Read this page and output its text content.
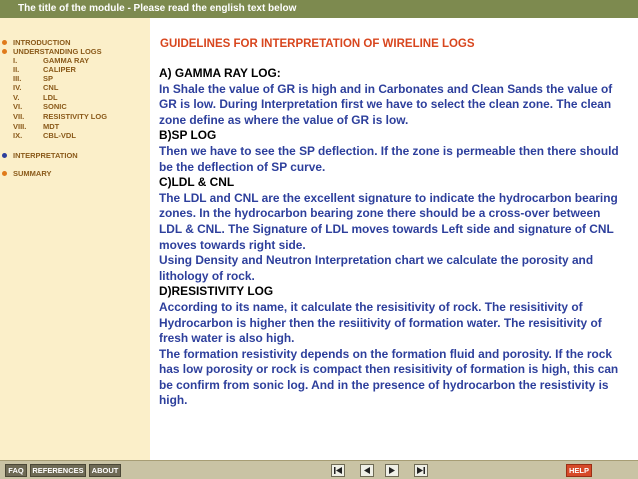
The title of the module - Please read the english text below
INTRODUCTION
UNDERSTANDING LOGS
I.	GAMMA RAY
II.	CALIPER
III.	SP
IV.	CNL
V.	LDL
VI.	SONIC
VII. RESISTIVITY LOG
VIII. MDT
IX.	CBL-VDL
INTERPRETATION
SUMMARY
GUIDELINES FOR INTERPRETATION OF WIRELINE LOGS

A) GAMMA RAY LOG:

In Shale the value of GR is high and in Carbonates and Clean Sands the value of GR is low. During Interpretation first we have to select the clean zone. The clean zone define as where the value of GR is low.

B)SP LOG

Then we have to see the SP deflection. If the zone is permeable then there should be the deflection of SP curve.

C)LDL & CNL

The LDL and CNL are the excellent signature to indicate the hydrocarbon bearing zones. In the hydrocarbon bearing zone there should be a cross-over between LDL & CNL. The Signature of LDL moves towards Left side and signature of CNL moves towards right side.

Using Density and Neutron Interpretation chart we calculate the porosity and lithology of rock.

D)RESISTIVITY LOG

According to its name, it calculate the resisitivity of rock. The resisitivity of Hydrocarbon is higher then the resiitivity of formation water. The resisitivity of fresh water is also high.

The formation resistivity depends on the formation fluid and porosity. If the rock has low porosity or rock is compact then resisitivity of formation is high, this can be confirm from sonic log. And in the presence of hydrocarbon the resistivity is high.

FAQ	REFERENCES	ABOUT	HELP
